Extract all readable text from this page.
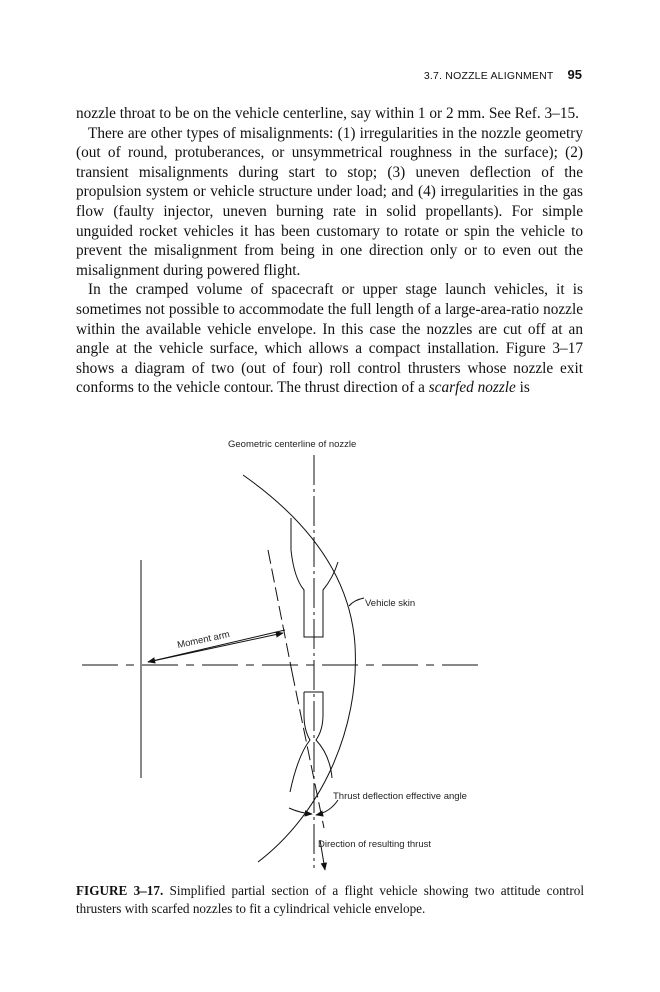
3.7. NOZZLE ALIGNMENT 95

nozzle throat to be on the vehicle centerline, say within 1 or 2 mm. See Ref. 3–15.

There are other types of misalignments: (1) irregularities in the nozzle geometry (out of round, protuberances, or unsymmetrical roughness in the surface); (2) transient misalignments during start to stop; (3) uneven deflection of the propulsion system or vehicle structure under load; and (4) irregularities in the gas flow (faulty injector, uneven burning rate in solid propellants). For simple unguided rocket vehicles it has been customary to rotate or spin the vehicle to prevent the misalignment from being in one direction only or to even out the misalignment during powered flight.

In the cramped volume of spacecraft or upper stage launch vehicles, it is sometimes not possible to accommodate the full length of a large-area-ratio nozzle within the available vehicle envelope. In this case the nozzles are cut off at an angle at the vehicle surface, which allows a compact installation. Figure 3–17 shows a diagram of two (out of four) roll control thrusters whose nozzle exit conforms to the vehicle contour. The thrust direction of a scarfed nozzle is

Geometric centerline of nozzle
Vehicle skin
Moment arm
Thrust deflection effective angle
Direction of resulting thrust

FIGURE 3–17. Simplified partial section of a flight vehicle showing two attitude control thrusters with scarfed nozzles to fit a cylindrical vehicle envelope.
